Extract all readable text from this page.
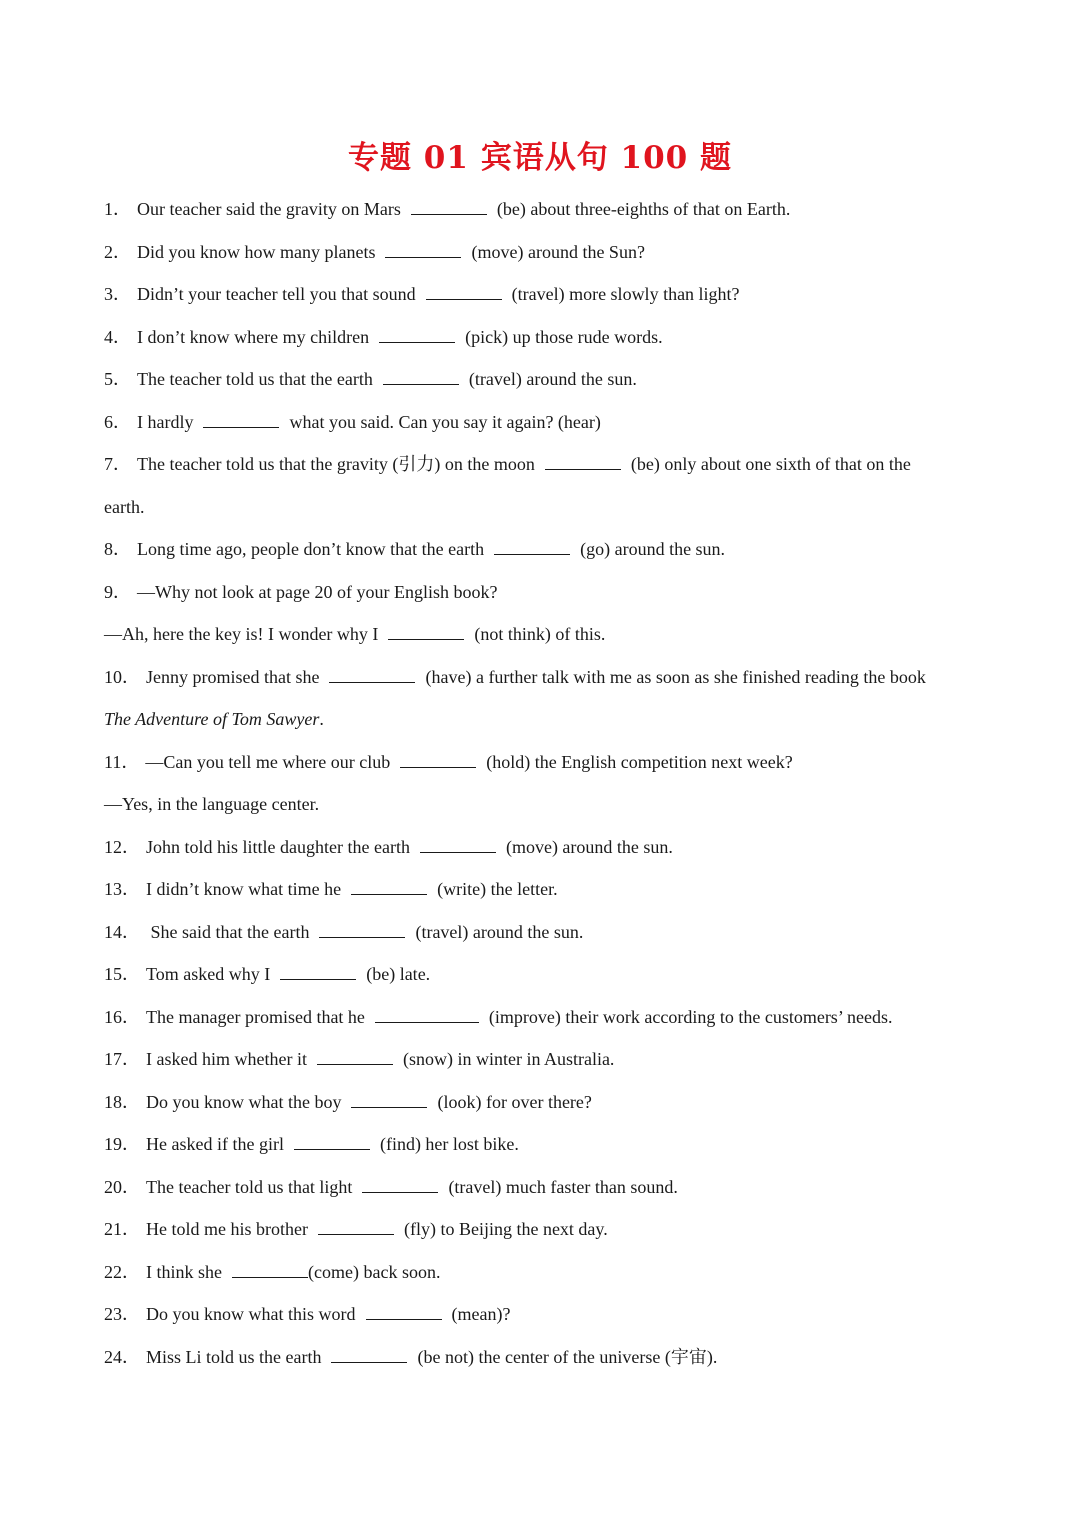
专题 01 宾语从句 100 题
1． Our teacher said the gravity on Mars	(be) about three-eighths of that on Earth.
2． Did you know how many planets	(move) around the Sun?
3． Didn’t your teacher tell you that sound	(travel) more slowly than light?
4． I don’t know where my children	(pick) up those rude words.
5． The teacher told us that the earth	(travel) around the sun.
6． I hardly	what you said. Can you say it again? (hear)
7． The teacher told us that the gravity (引力) on the moon	(be) only about one sixth of that on the
earth.
8． Long time ago, people don’t know that the earth	(go) around the sun.
9． —Why not look at page 20 of your English book?
—Ah, here the key is! I wonder why I	(not think) of this.
10． Jenny promised that she	(have) a further talk with me as soon as she finished reading the book
The Adventure of Tom Sawyer.
11． —Can you tell me where our club	(hold) the English competition next week?
—Yes, in the language center.
12． John told his little daughter the earth	(move) around the sun.
13． I didn’t know what time he	(write) the letter.
14． She said that the earth	(travel) around the sun.
15． Tom asked why I	(be) late.
16． The manager promised that he	(improve) their work according to the customers’ needs.
17． I asked him whether it	(snow) in winter in Australia.
18． Do you know what the boy	(look) for over there?
19． He asked if the girl	(find) her lost bike.
20． The teacher told us that light	(travel) much faster than sound.
21． He told me his brother	(fly) to Beijing the next day.
22． I think she	(come) back soon.
23． Do you know what this word	(mean)?
24． Miss Li told us the earth	(be not) the center of the universe (宇宙).
